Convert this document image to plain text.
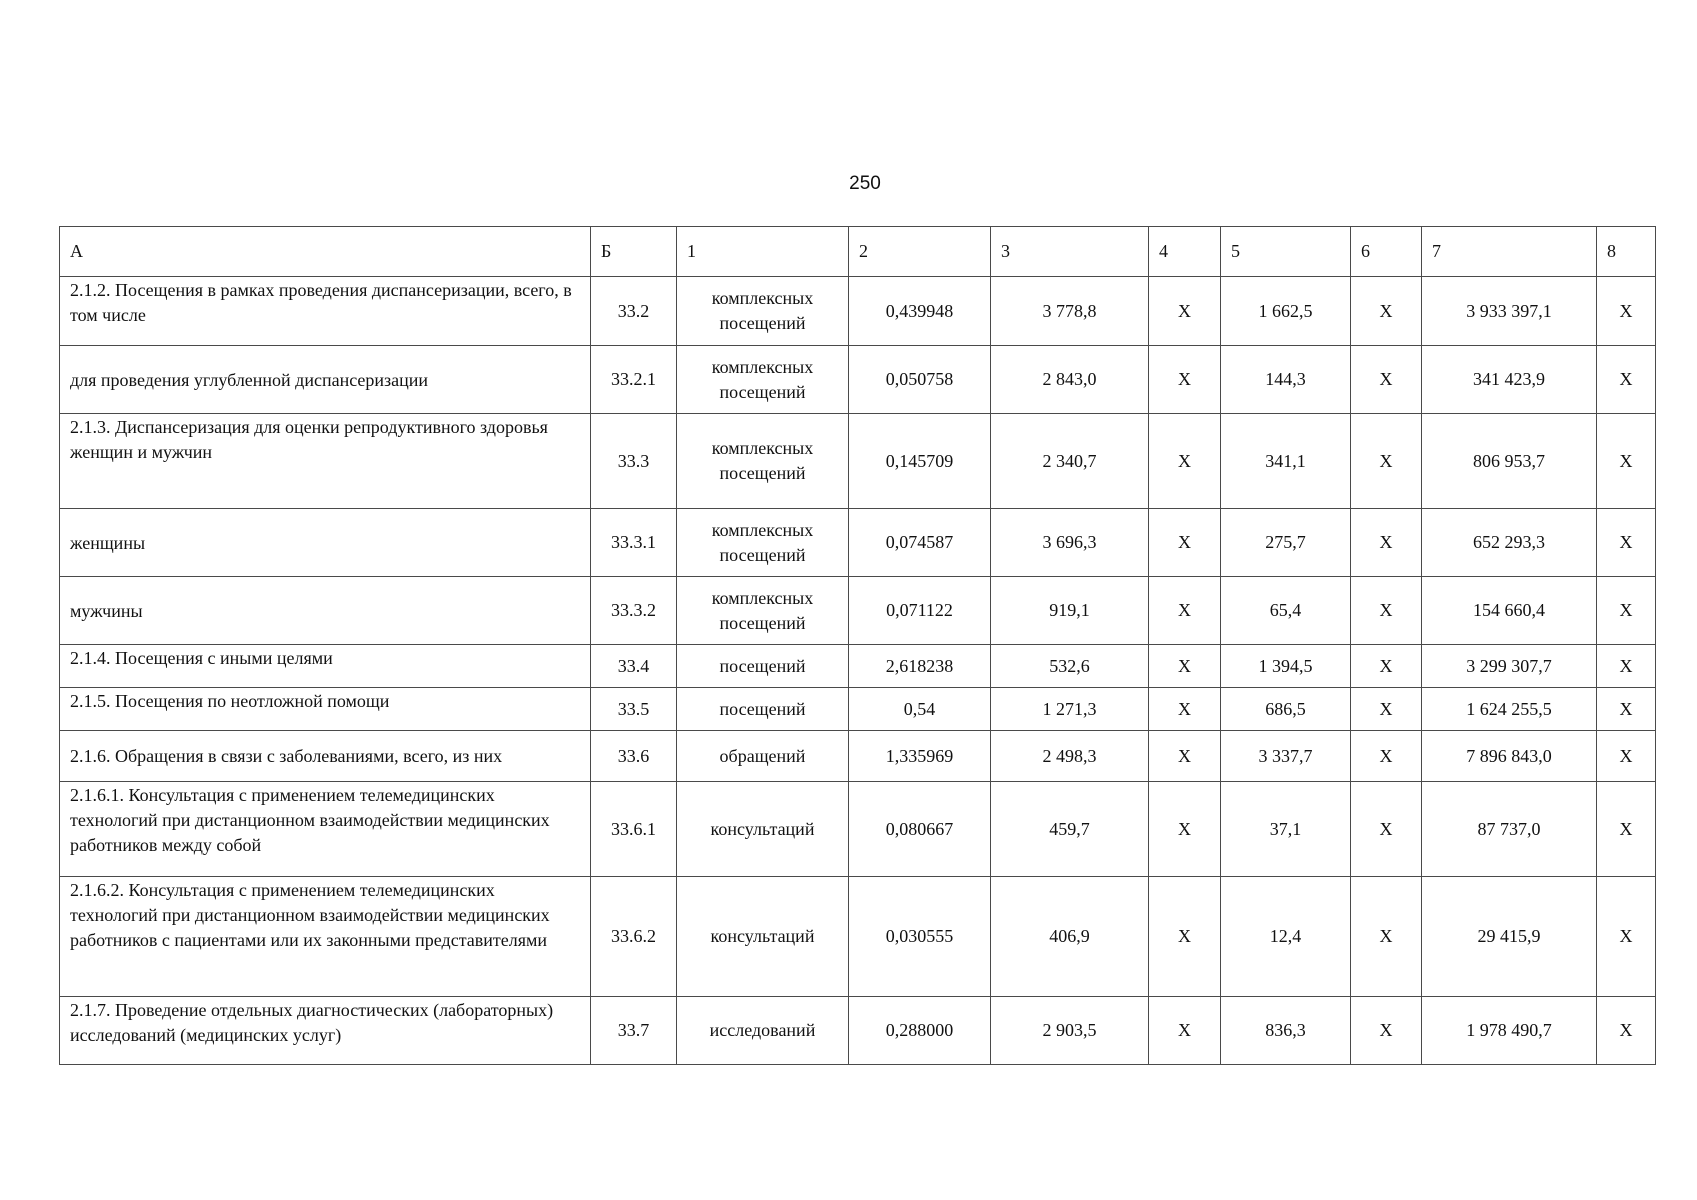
250
А	Б	1	2	3	4	5	6	7	8
2.1.2. Посещения в рамках проведения диспансеризации, всего, в том числе	33.2	комплексных посещений	0,439948	3 778,8	Х	1 662,5	Х	3 933 397,1	Х
для проведения углубленной диспансеризации	33.2.1	комплексных посещений	0,050758	2 843,0	Х	144,3	Х	341 423,9	Х
2.1.3. Диспансеризация для оценки репродуктивного здоровья женщин и мужчин	33.3	комплексных посещений	0,145709	2 340,7	Х	341,1	Х	806 953,7	Х
женщины	33.3.1	комплексных посещений	0,074587	3 696,3	Х	275,7	Х	652 293,3	Х
мужчины	33.3.2	комплексных посещений	0,071122	919,1	Х	65,4	Х	154 660,4	Х
2.1.4. Посещения с иными целями	33.4	посещений	2,618238	532,6	Х	1 394,5	Х	3 299 307,7	Х
2.1.5. Посещения по неотложной помощи	33.5	посещений	0,54	1 271,3	Х	686,5	Х	1 624 255,5	Х
2.1.6. Обращения в связи с заболеваниями, всего, из них	33.6	обращений	1,335969	2 498,3	Х	3 337,7	Х	7 896 843,0	Х
2.1.6.1. Консультация с применением телемедицинских технологий при дистанционном взаимодействии медицинских работников между собой	33.6.1	консультаций	0,080667	459,7	Х	37,1	Х	87 737,0	Х
2.1.6.2. Консультация с применением телемедицинских технологий при дистанционном взаимодействии медицинских работников с пациентами или их законными представителями	33.6.2	консультаций	0,030555	406,9	Х	12,4	Х	29 415,9	Х
2.1.7. Проведение отдельных диагностических (лабораторных) исследований (медицинских услуг)	33.7	исследований	0,288000	2 903,5	Х	836,3	Х	1 978 490,7	Х
